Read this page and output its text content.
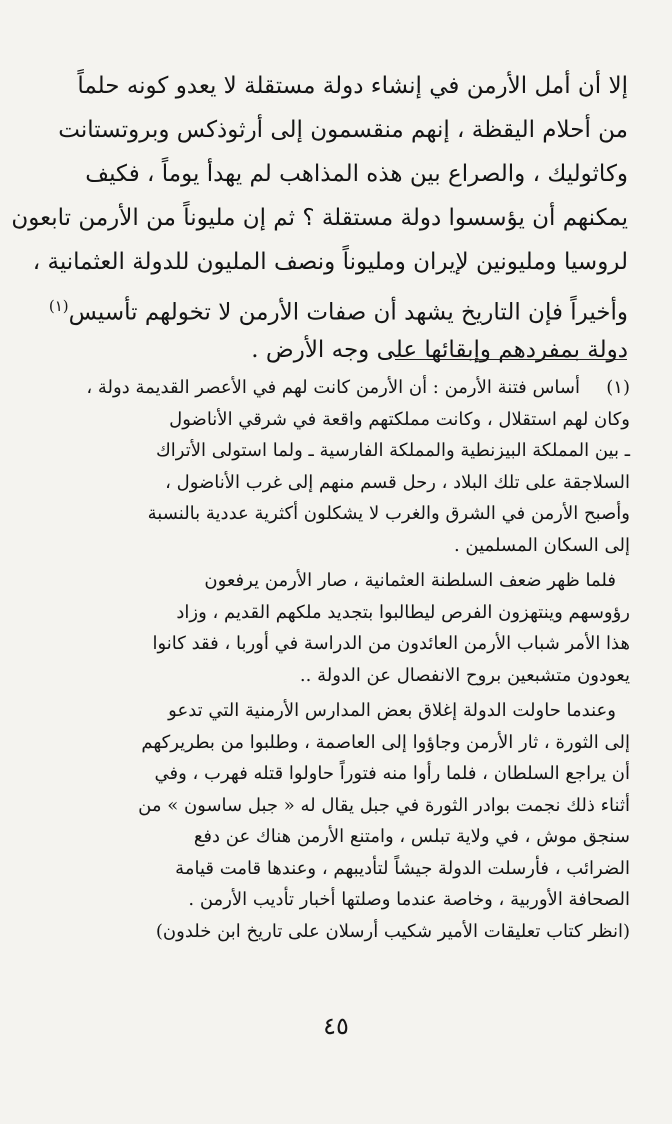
إلا أن أمل الأرمن في إنشاء دولة مستقلة لا يعدو كونه حلماً
من أحلام اليقظة ، إنهم منقسمون إلى أرثوذكس وبروتستانت
وكاثوليك ، والصراع بين هذه المذاهب لم يهدأ يوماً ، فكيف
يمكنهم أن يؤسسوا دولة مستقلة ؟ ثم إن مليوناً من الأرمن تابعون
لروسيا ومليونين لإيران ومليوناً ونصف المليون للدولة العثمانية ،
وأخيراً فإن التاريخ يشهد أن صفات الأرمن لا تخولهم تأسيس$^{(١)}$
دولة بمفردهم وإبقائها على وجه الأرض .
(١)
أساس فتنة الأرمن : أن الأرمن كانت لهم في الأعصر القديمة دولة ،
وكان لهم استقلال ، وكانت مملكتهم واقعة في شرقي الأناضول
ـ بين المملكة البيزنطية والمملكة الفارسية ـ ولما استولى الأتراك
السلاجقة على تلك البلاد ، رحل قسم منهم إلى غرب الأناضول ،
وأصبح الأرمن في الشرق والغرب لا يشكلون أكثرية عددية بالنسبة
إلى السكان المسلمين .
فلما ظهر ضعف السلطنة العثمانية ، صار الأرمن يرفعون
رؤوسهم وينتهزون الفرص ليطالبوا بتجديد ملكهم القديم ، وزاد
هذا الأمر شباب الأرمن العائدون من الدراسة في أوربا ، فقد كانوا
يعودون متشبعين بروح الانفصال عن الدولة ..
وعندما حاولت الدولة إغلاق بعض المدارس الأرمنية التي تدعو
إلى الثورة ، ثار الأرمن وجاؤوا إلى العاصمة ، وطلبوا من بطريركهم
أن يراجع السلطان ، فلما رأوا منه فتوراً حاولوا قتله فهرب ، وفي
أثناء ذلك نجمت بوادر الثورة في جبل يقال له « جبل ساسون » من
سنجق موش ، في ولاية تبلس ، وامتنع الأرمن هناك عن دفع
الضرائب ، فأرسلت الدولة جيشاً لتأديبهم ، وعندها قامت قيامة
الصحافة الأوربية ، وخاصة عندما وصلتها أخبار تأديب الأرمن .
(انظر كتاب تعليقات الأمير شكيب أرسلان على تاريخ ابن خلدون)
٤٥
